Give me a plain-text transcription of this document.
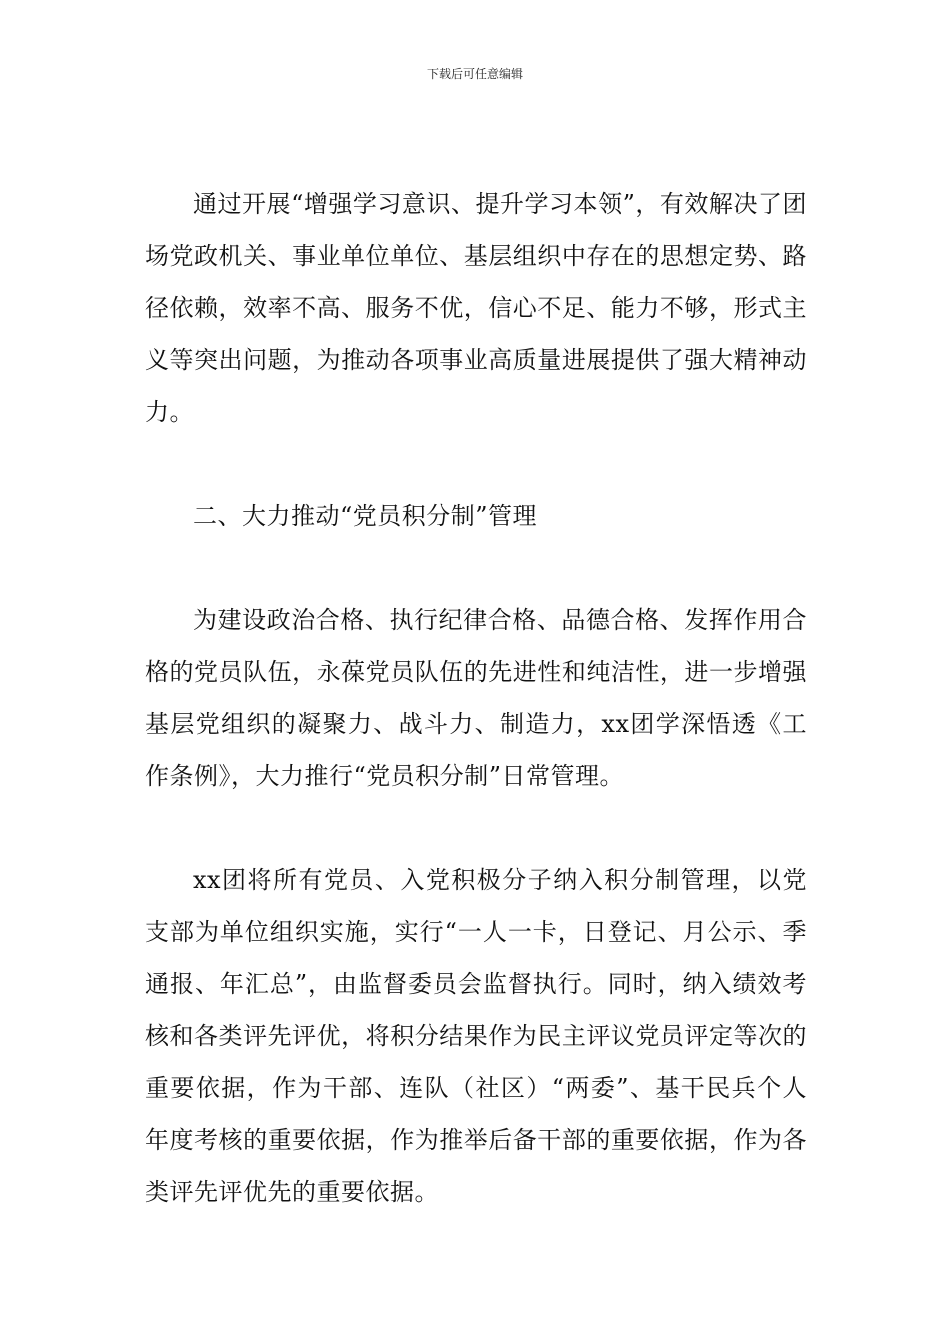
下载后可任意编辑

通过开展“增强学习意识、提升学习本领”，有效解决了团场党政机关、事业单位单位、基层组织中存在的思想定势、路径依赖，效率不高、服务不优，信心不足、能力不够，形式主义等突出问题，为推动各项事业高质量进展提供了强大精神动力。

二、大力推动“党员积分制”管理

为建设政治合格、执行纪律合格、品德合格、发挥作用合格的党员队伍，永葆党员队伍的先进性和纯洁性，进一步增强基层党组织的凝聚力、战斗力、制造力，xx团学深悟透《工作条例》，大力推行“党员积分制”日常管理。

xx团将所有党员、入党积极分子纳入积分制管理，以党支部为单位组织实施，实行“一人一卡，日登记、月公示、季通报、年汇总”，由监督委员会监督执行。同时，纳入绩效考核和各类评先评优，将积分结果作为民主评议党员评定等次的重要依据，作为干部、连队（社区）“两委”、基干民兵个人年度考核的重要依据，作为推举后备干部的重要依据，作为各类评先评优先的重要依据。
